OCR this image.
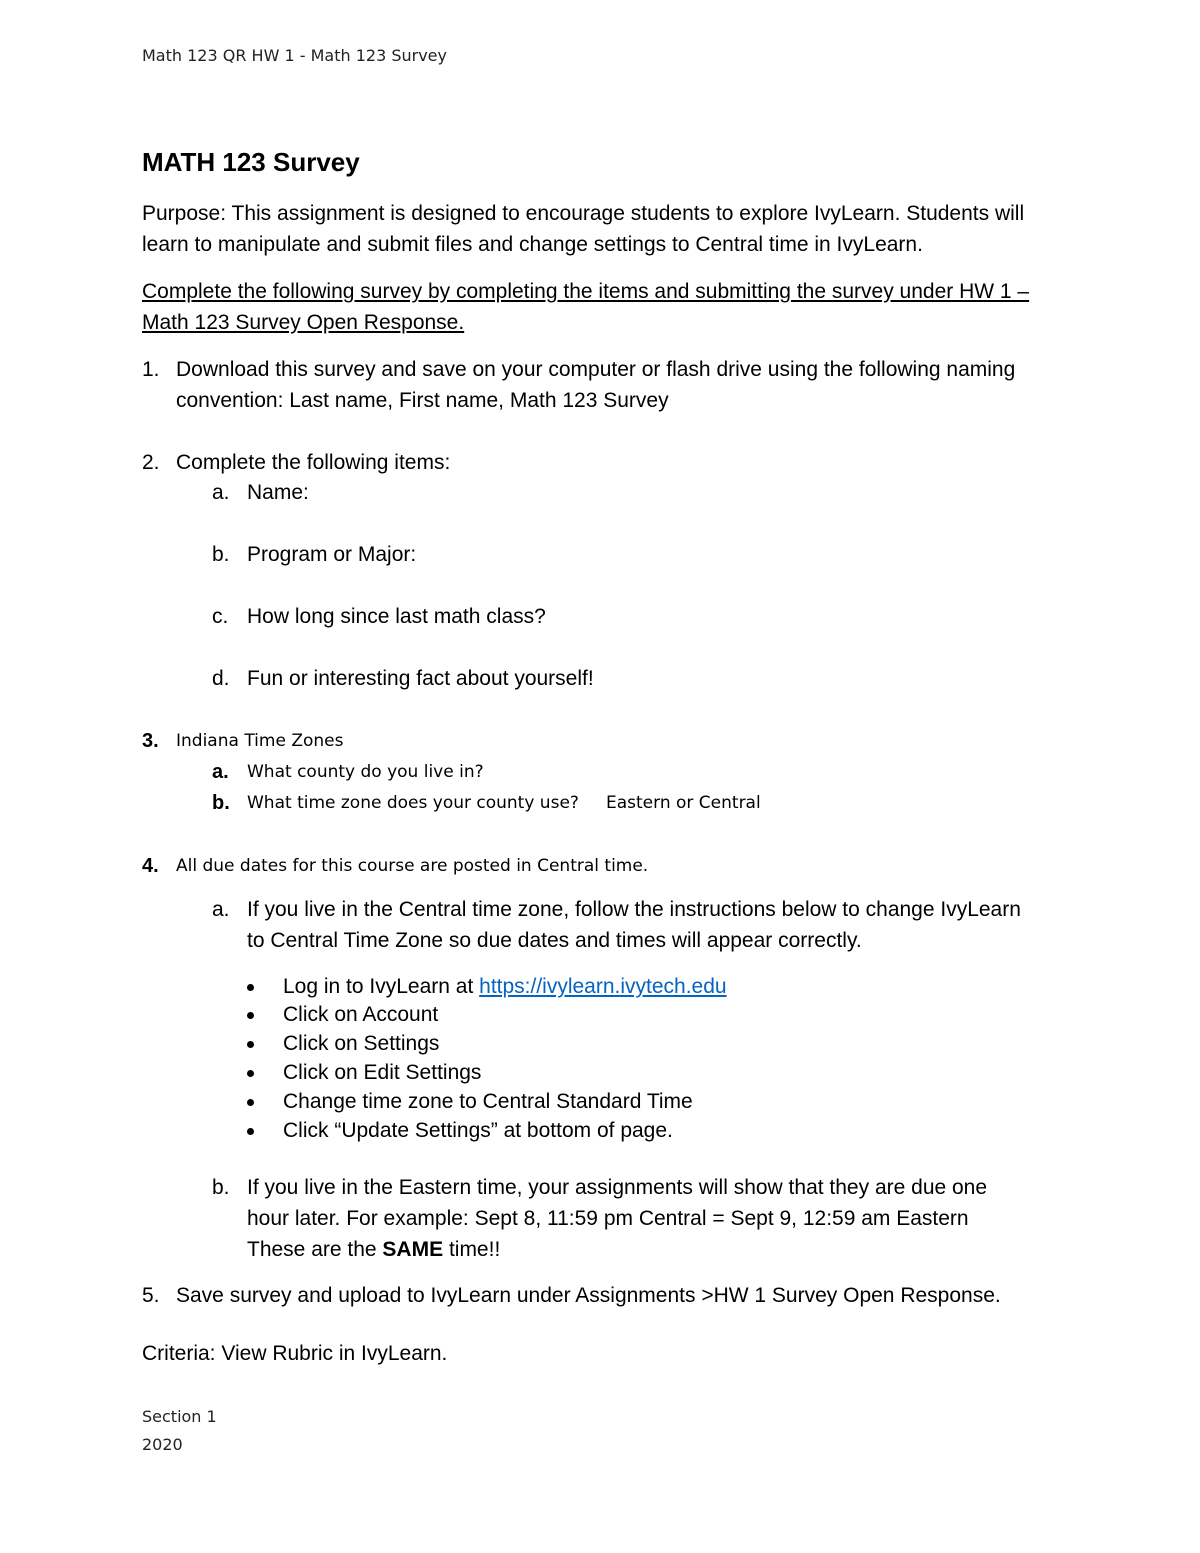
Math 123 QR HW 1 - Math 123 Survey

MATH 123 Survey

Purpose: This assignment is designed to encourage students to explore IvyLearn. Students will

learn to manipulate and submit files and change settings to Central time in IvyLearn.

Complete the following survey by completing the items and submitting the survey under HW 1 –

Math 123 Survey Open Response.

1. Download this survey and save on your computer or flash drive using the following naming

convention: Last name, First name, Math 123 Survey

2. Complete the following items:

a. Name:

b. Program or Major:

c. How long since last math class?

d. Fun or interesting fact about yourself!

3. Indiana Time Zones

a. What county do you live in?

b. What time zone does your county use? Eastern or Central

4. All due dates for this course are posted in Central time.

a. If you live in the Central time zone, follow the instructions below to change IvyLearn

to Central Time Zone so due dates and times will appear correctly.

Log in to IvyLearn at https://ivylearn.ivytech.edu

Click on Account

Click on Settings

Click on Edit Settings

Change time zone to Central Standard Time

Click “Update Settings” at bottom of page.

b. If you live in the Eastern time, your assignments will show that they are due one

hour later. For example: Sept 8, 11:59 pm Central = Sept 9, 12:59 am Eastern

These are the SAME time!!

5. Save survey and upload to IvyLearn under Assignments >HW 1 Survey Open Response.

Criteria: View Rubric in IvyLearn.

Section 1

2020
